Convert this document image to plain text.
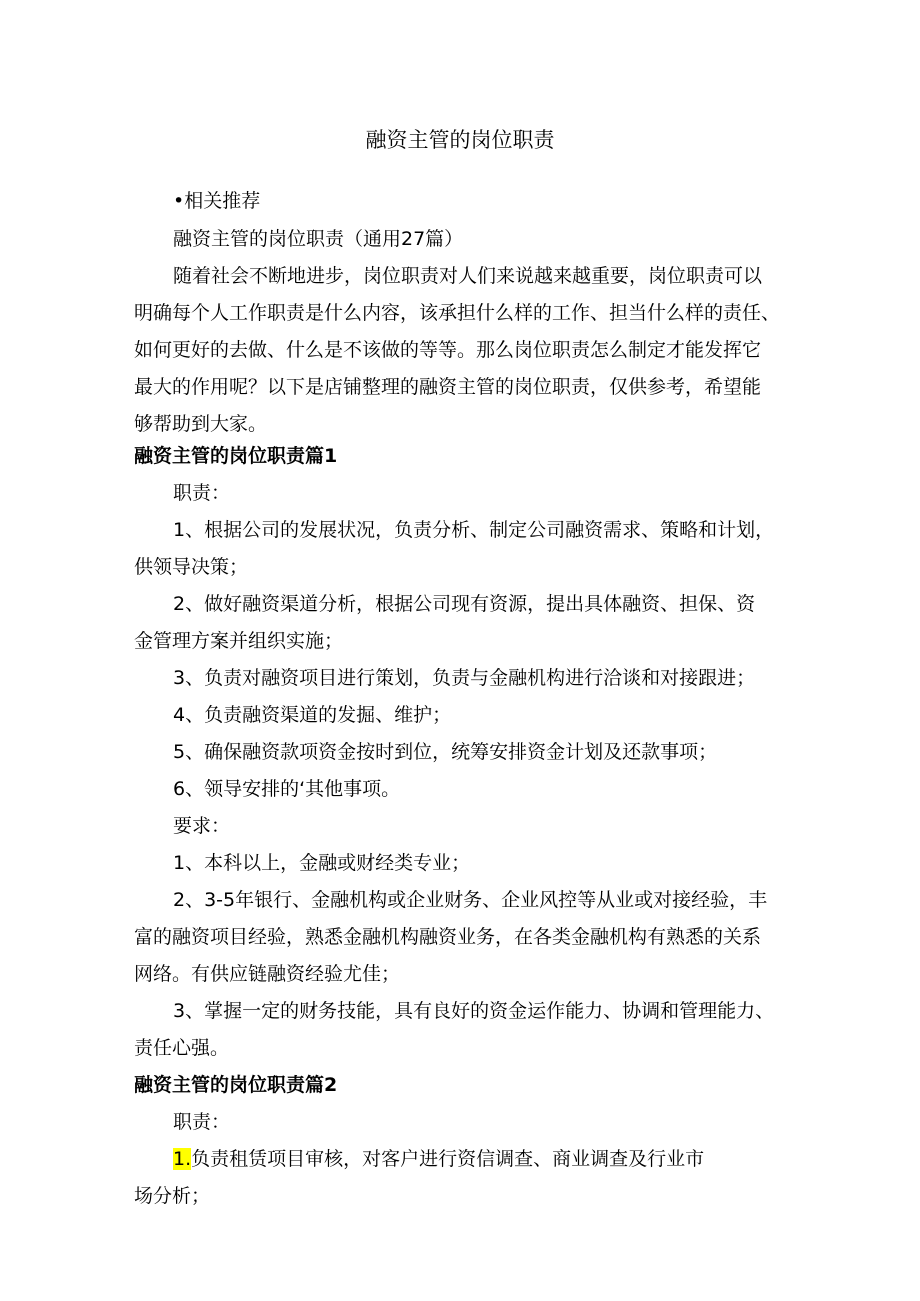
融资主管的岗位职责
•相关推荐
融资主管的岗位职责（通用27篇）
随着社会不断地进步，岗位职责对人们来说越来越重要，岗位职责可以
明确每个人工作职责是什么内容，该承担什么样的工作、担当什么样的责任、
如何更好的去做、什么是不该做的等等。那么岗位职责怎么制定才能发挥它
最大的作用呢？以下是店铺整理的融资主管的岗位职责，仅供参考，希望能
够帮助到大家。
融资主管的岗位职责篇1
职责：
1、根据公司的发展状况，负责分析、制定公司融资需求、策略和计划，
供领导决策；
2、做好融资渠道分析，根据公司现有资源，提出具体融资、担保、资
金管理方案并组织实施；
3、负责对融资项目进行策划，负责与金融机构进行洽谈和对接跟进；
4、负责融资渠道的发掘、维护；
5、确保融资款项资金按时到位，统筹安排资金计划及还款事项；
6、领导安排的‘其他事项。
要求：
1、本科以上，金融或财经类专业；
2、3-5年银行、金融机构或企业财务、企业风控等从业或对接经验，丰
富的融资项目经验，熟悉金融机构融资业务，在各类金融机构有熟悉的关系
网络。有供应链融资经验尤佳；
3、掌握一定的财务技能，具有良好的资金运作能力、协调和管理能力、
责任心强。
融资主管的岗位职责篇2
职责：
1.负责租赁项目审核，对客户进行资信调查、商业调查及行业市
场分析；
